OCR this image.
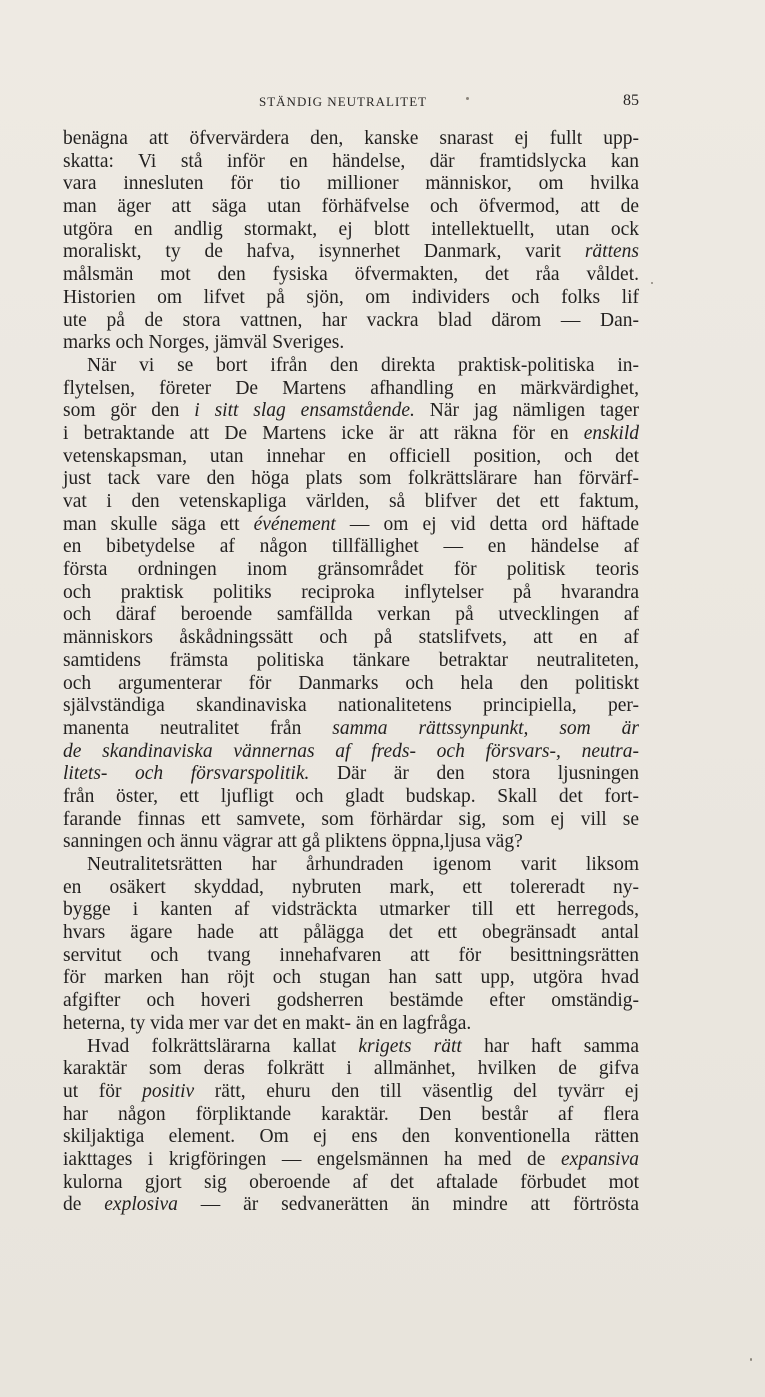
STÄNDIG NEUTRALITET	85
benägna att öfvervärdera den, kanske snarast ej fullt upp-
skatta: Vi stå inför en händelse, där framtidslycka kan
vara innesluten för tio millioner människor, om hvilka
man äger att säga utan förhäfvelse och öfvermod, att de
utgöra en andlig stormakt, ej blott intellektuellt, utan ock
moraliskt, ty de hafva, isynnerhet Danmark, varit rättens
målsmän mot den fysiska öfvermakten, det råa våldet.
Historien om lifvet på sjön, om individers och folks lif
ute på de stora vattnen, har vackra blad därom — Dan-
marks och Norges, jämväl Sveriges.
När vi se bort ifrån den direkta praktisk-politiska in-
flytelsen, företer De Martens afhandling en märkvärdighet,
som gör den i sitt slag ensamstående. När jag nämligen tager
i betraktande att De Martens icke är att räkna för en enskild
vetenskapsman, utan innehar en officiell position, och det
just tack vare den höga plats som folkrättslärare han förvärf-
vat i den vetenskapliga världen, så blifver det ett faktum,
man skulle säga ett événement — om ej vid detta ord häftade
en bibetydelse af någon tillfällighet — en händelse af
första ordningen inom gränsområdet för politisk teoris
och praktisk politiks reciproka inflytelser på hvarandra
och däraf beroende samfällda verkan på utvecklingen af
människors åskådningssätt och på statslifvets, att en af
samtidens främsta politiska tänkare betraktar neutraliteten,
och argumenterar för Danmarks och hela den politiskt
självständiga skandinaviska nationalitetens principiella, per-
manenta neutralitet från samma rättssynpunkt, som är
de skandinaviska vännernas af freds- och försvars-, neutra-
litets- och försvarspolitik. Där är den stora ljusningen
från öster, ett ljufligt och gladt budskap. Skall det fort-
farande finnas ett samvete, som förhärdar sig, som ej vill se
sanningen och ännu vägrar att gå pliktens öppna,ljusa väg?
Neutralitetsrätten har århundraden igenom varit liksom
en osäkert skyddad, nybruten mark, ett tolereradt ny-
bygge i kanten af vidsträckta utmarker till ett herregods,
hvars ägare hade att pålägga det ett obegränsadt antal
servitut och tvang innehafvaren att för besittningsrätten
för marken han röjt och stugan han satt upp, utgöra hvad
afgifter och hoveri godsherren bestämde efter omständig-
heterna, ty vida mer var det en makt- än en lagfråga.
Hvad folkrättslärarna kallat krigets rätt har haft samma
karaktär som deras folkrätt i allmänhet, hvilken de gifva
ut för positiv rätt, ehuru den till väsentlig del tyvärr ej
har någon förpliktande karaktär. Den består af flera
skiljaktiga element. Om ej ens den konventionella rätten
iakttages i krigföringen — engelsmännen ha med de expansiva
kulorna gjort sig oberoende af det aftalade förbudet mot
de explosiva — är sedvanerätten än mindre att förtrösta
